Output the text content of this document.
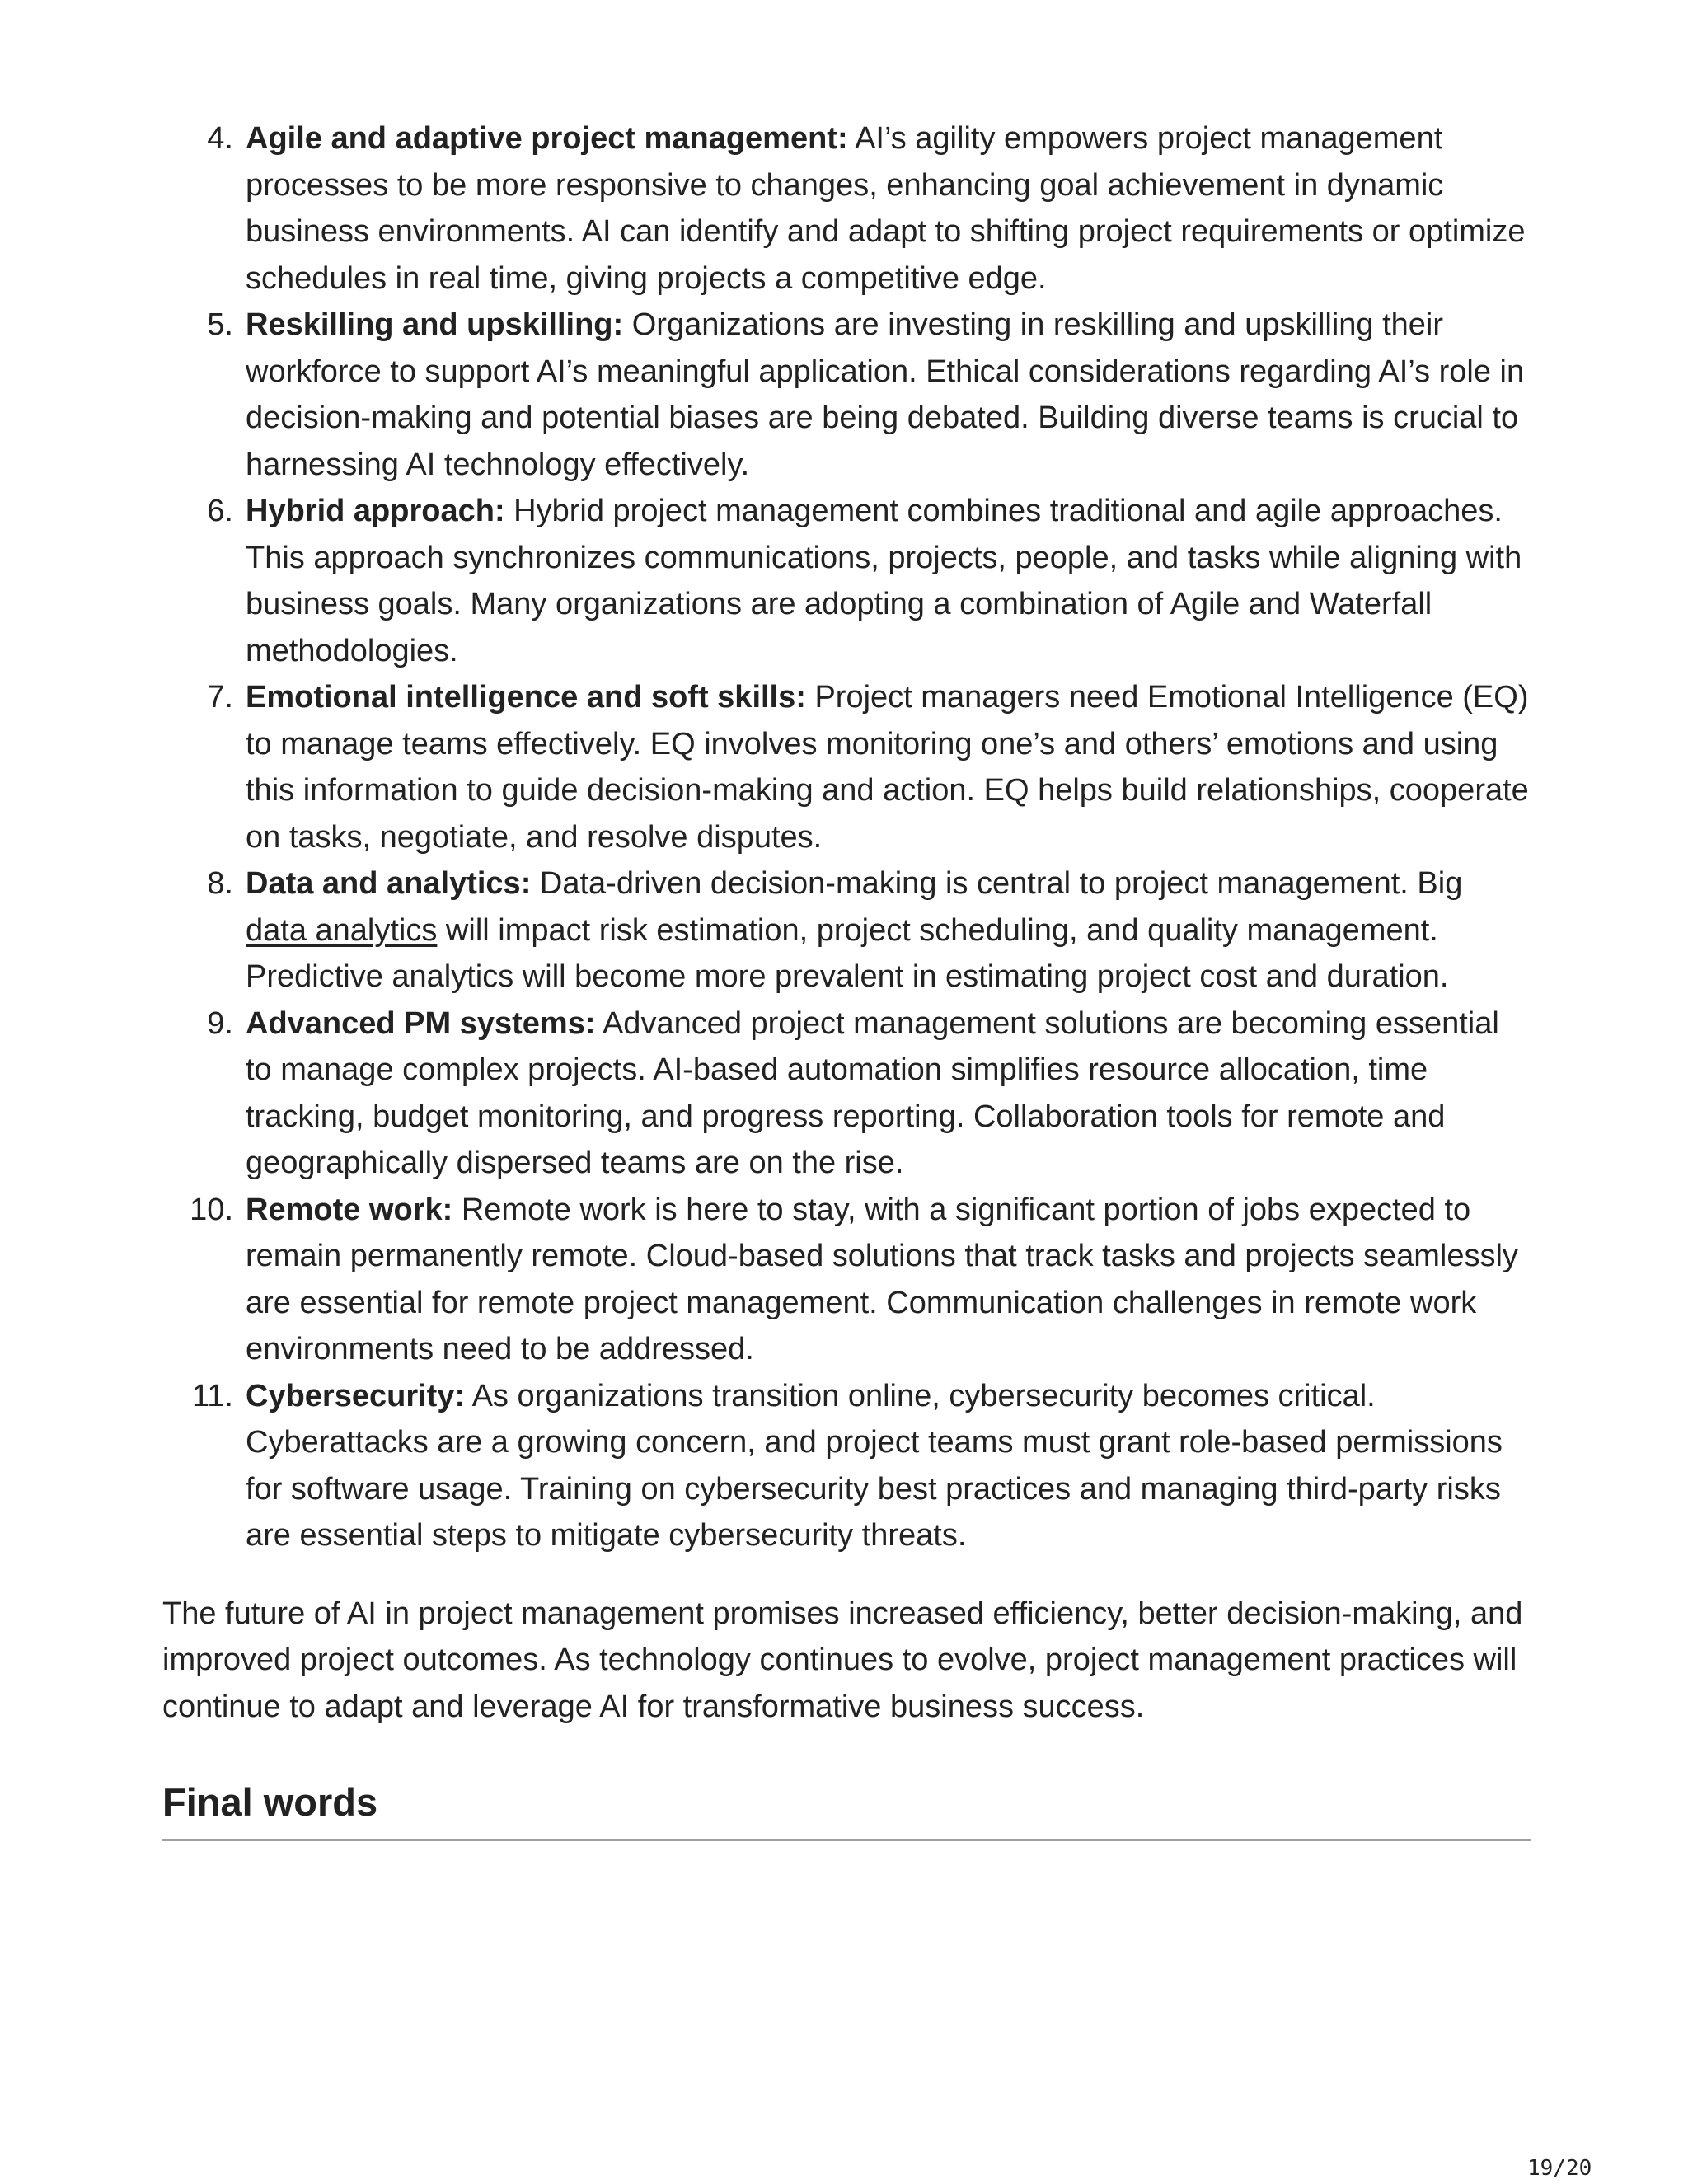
4. Agile and adaptive project management: AI’s agility empowers project management processes to be more responsive to changes, enhancing goal achievement in dynamic business environments. AI can identify and adapt to shifting project requirements or optimize schedules in real time, giving projects a competitive edge.
5. Reskilling and upskilling: Organizations are investing in reskilling and upskilling their workforce to support AI’s meaningful application. Ethical considerations regarding AI’s role in decision-making and potential biases are being debated. Building diverse teams is crucial to harnessing AI technology effectively.
6. Hybrid approach: Hybrid project management combines traditional and agile approaches. This approach synchronizes communications, projects, people, and tasks while aligning with business goals. Many organizations are adopting a combination of Agile and Waterfall methodologies.
7. Emotional intelligence and soft skills: Project managers need Emotional Intelligence (EQ) to manage teams effectively. EQ involves monitoring one’s and others’ emotions and using this information to guide decision-making and action. EQ helps build relationships, cooperate on tasks, negotiate, and resolve disputes.
8. Data and analytics: Data-driven decision-making is central to project management. Big data analytics will impact risk estimation, project scheduling, and quality management. Predictive analytics will become more prevalent in estimating project cost and duration.
9. Advanced PM systems: Advanced project management solutions are becoming essential to manage complex projects. AI-based automation simplifies resource allocation, time tracking, budget monitoring, and progress reporting. Collaboration tools for remote and geographically dispersed teams are on the rise.
10. Remote work: Remote work is here to stay, with a significant portion of jobs expected to remain permanently remote. Cloud-based solutions that track tasks and projects seamlessly are essential for remote project management. Communication challenges in remote work environments need to be addressed.
11. Cybersecurity: As organizations transition online, cybersecurity becomes critical. Cyberattacks are a growing concern, and project teams must grant role-based permissions for software usage. Training on cybersecurity best practices and managing third-party risks are essential steps to mitigate cybersecurity threats.

The future of AI in project management promises increased efficiency, better decision-making, and improved project outcomes. As technology continues to evolve, project management practices will continue to adapt and leverage AI for transformative business success.

Final words
19/20
